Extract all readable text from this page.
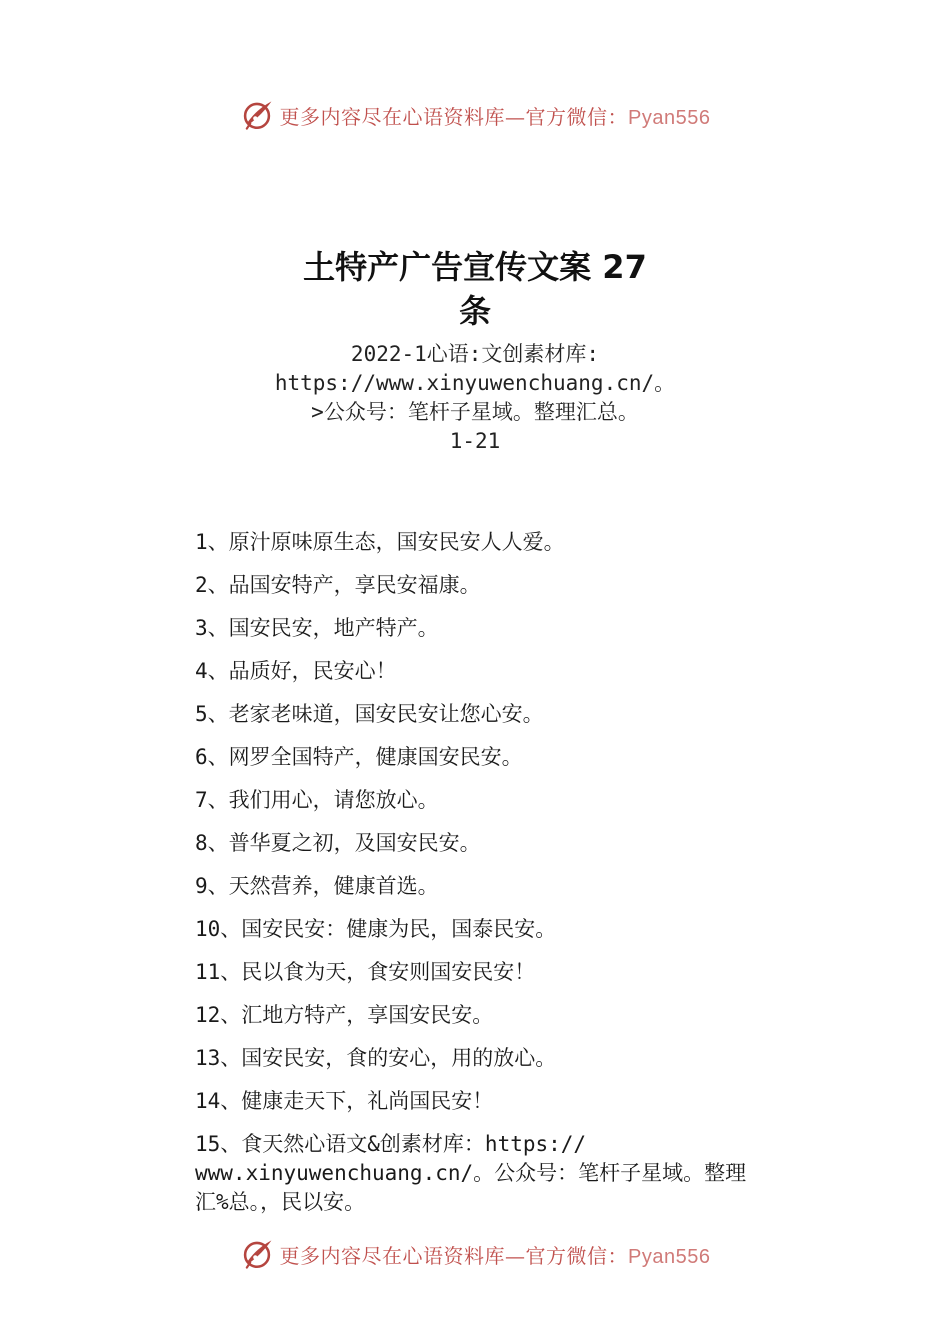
更多内容尽在心语资料库—官方微信：Pyan556
土特产广告宣传文案 27
条
2022-1心语:文创素材库:
https://www.xinyuwenchuang.cn/。
>公众号：笔杆子星域。整理汇总。
1-21
1、原汁原味原生态，国安民安人人爱。
2、品国安特产，享民安福康。
3、国安民安，地产特产。
4、品质好，民安心！
5、老家老味道，国安民安让您心安。
6、网罗全国特产，健康国安民安。
7、我们用心，请您放心。
8、普华夏之初，及国安民安。
9、天然营养，健康首选。
10、国安民安：健康为民，国泰民安。
11、民以食为天，食安则国安民安！
12、汇地方特产，享国安民安。
13、国安民安，食的安心，用的放心。
14、健康走天下，礼尚国民安！
15、食天然心语文&创素材库：https://
www.xinyuwenchuang.cn/。公众号：笔杆子星域。整理
汇%总。，民以安。
更多内容尽在心语资料库—官方微信：Pyan556
